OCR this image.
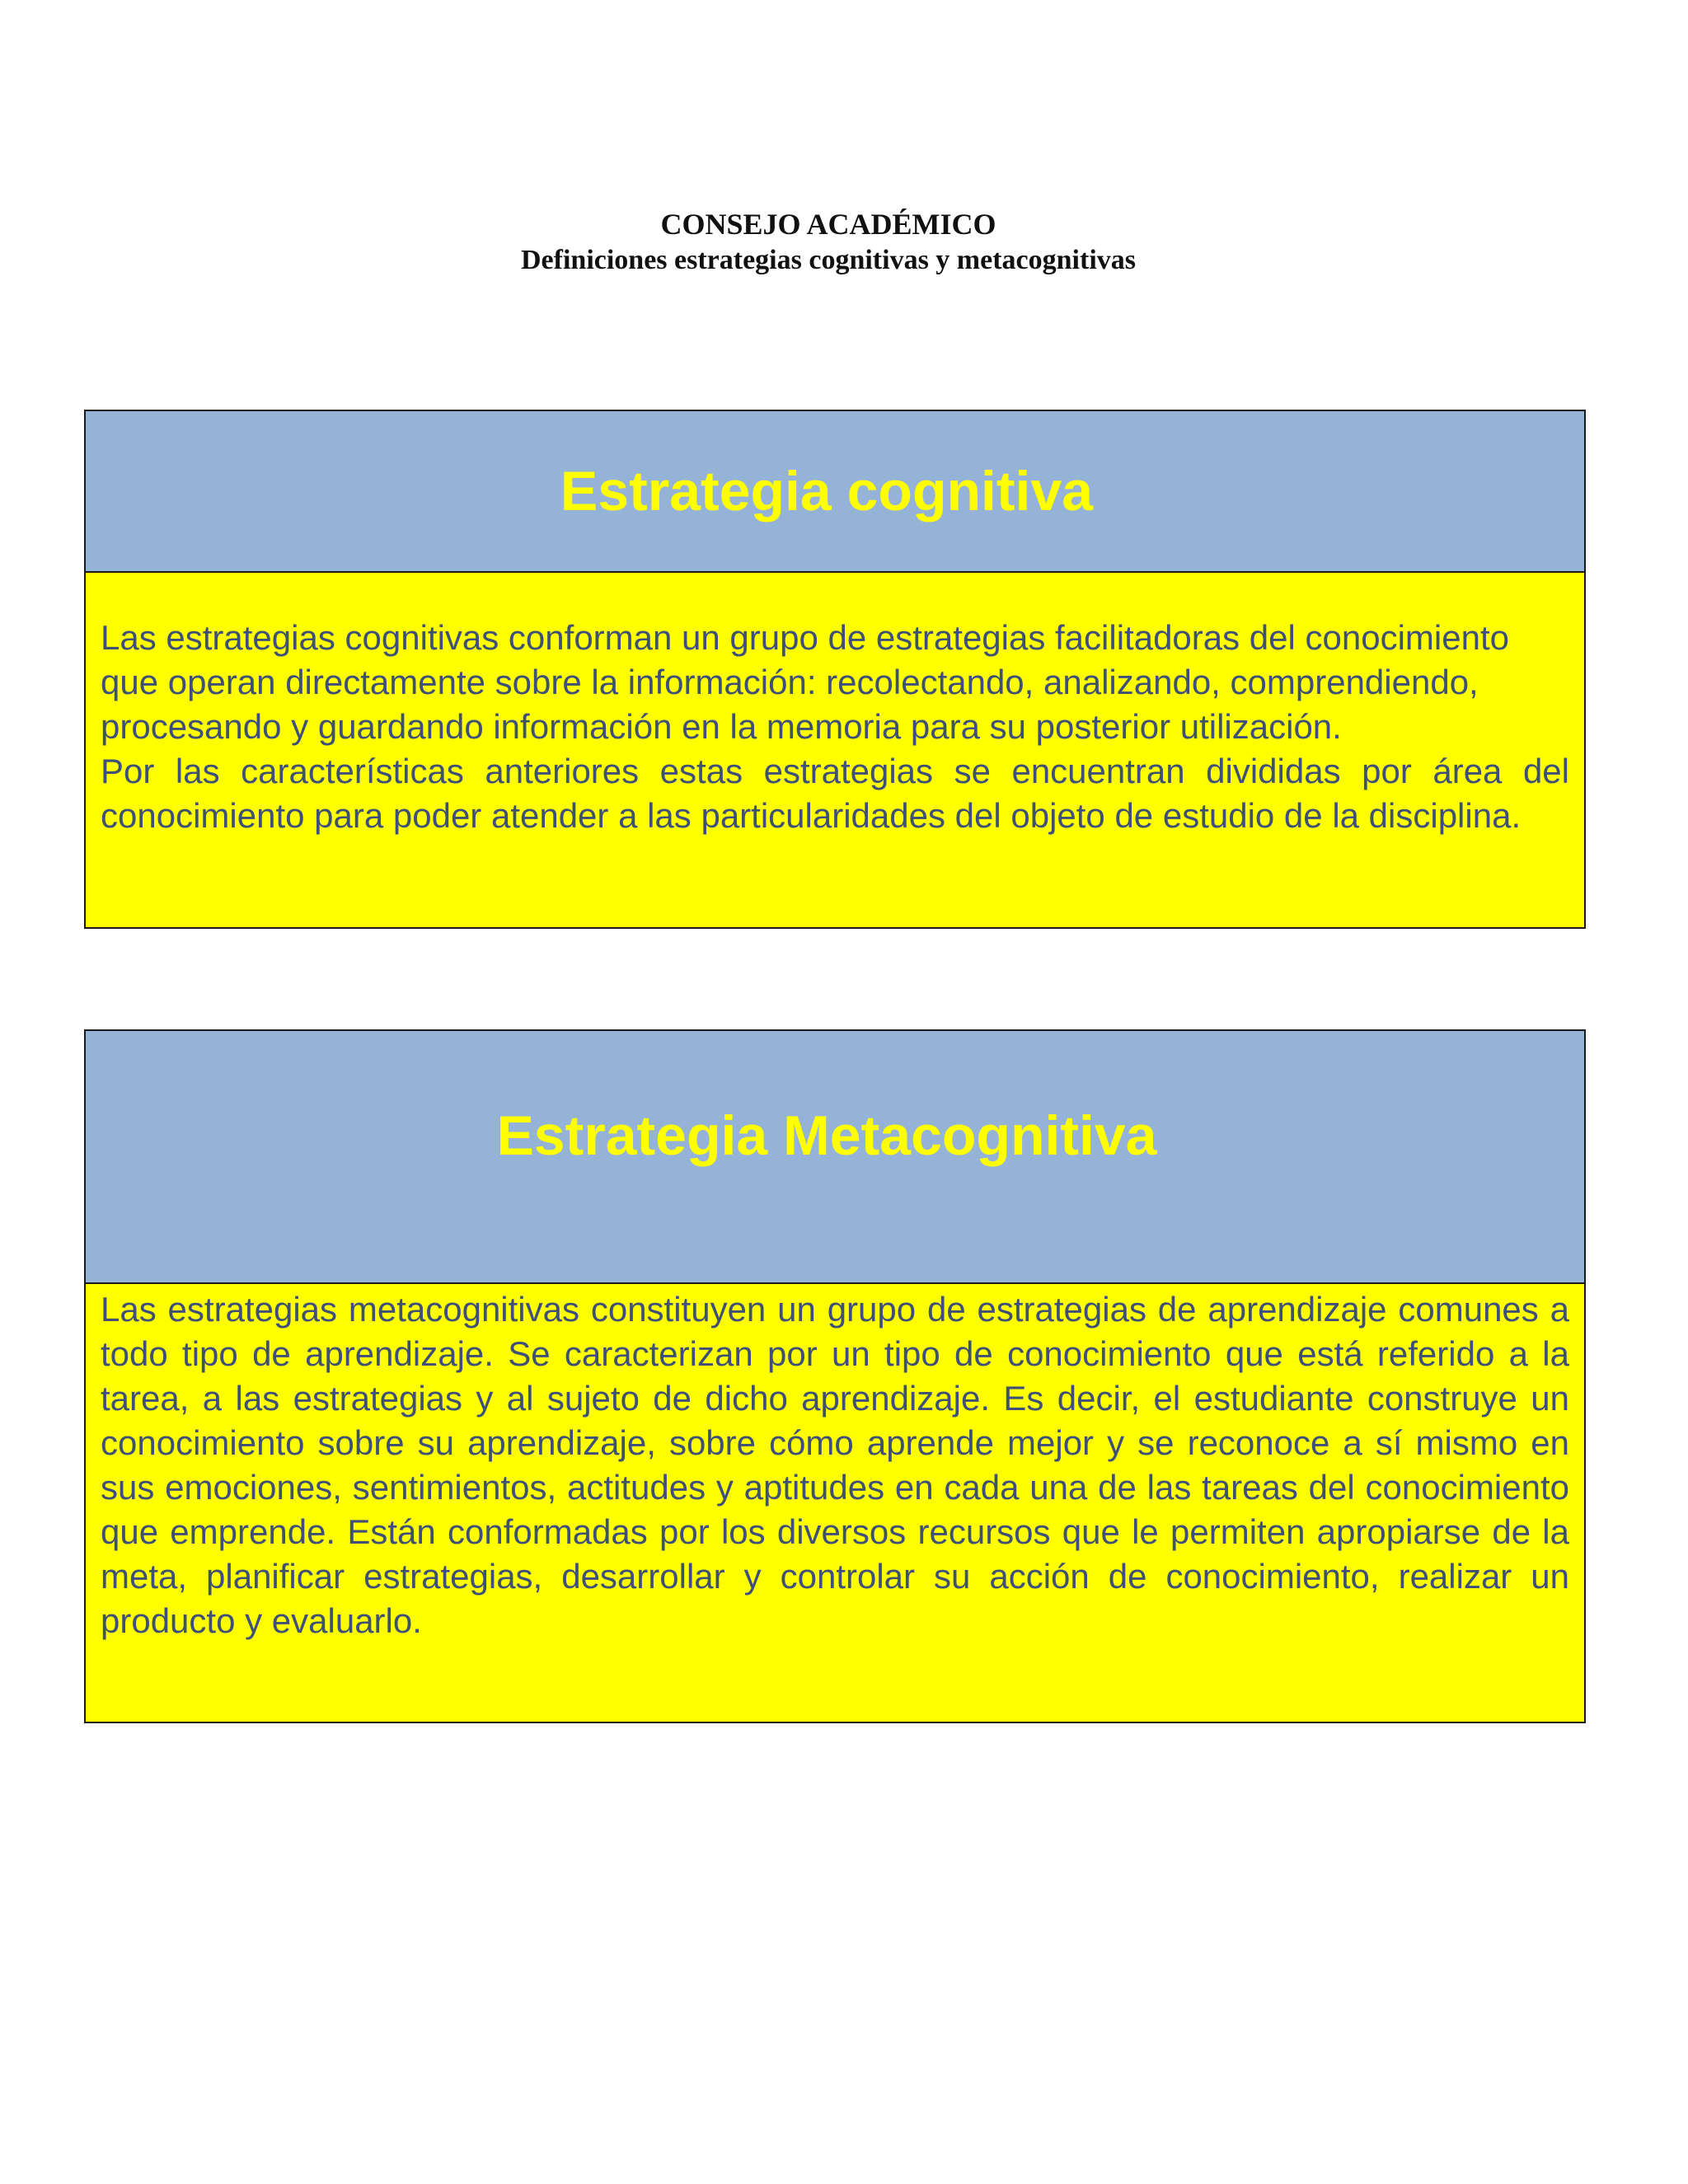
CONSEJO ACADÉMICO
Definiciones estrategias cognitivas y metacognitivas
Estrategia cognitiva

Las estrategias cognitivas conforman un grupo de estrategias facilitadoras del conocimiento que operan directamente sobre la información: recolectando, analizando, comprendiendo, procesando y guardando información en la memoria para su posterior utilización.

Por las características anteriores estas estrategias se encuentran divididas por área del conocimiento para poder atender a las particularidades del objeto de estudio de la disciplina.

Estrategia Metacognitiva

Las estrategias metacognitivas constituyen un grupo de estrategias de aprendizaje comunes a todo tipo de aprendizaje. Se caracterizan por un tipo de conocimiento que está referido a la tarea, a las estrategias y al sujeto de dicho aprendizaje. Es decir, el estudiante construye un conocimiento sobre su aprendizaje, sobre cómo aprende mejor y se reconoce a sí mismo en sus emociones, sentimientos, actitudes y aptitudes en cada una de las tareas del conocimiento que emprende. Están conformadas por los diversos recursos que le permiten apropiarse de la meta, planificar estrategias, desarrollar y controlar su acción de conocimiento, realizar un producto y evaluarlo.
